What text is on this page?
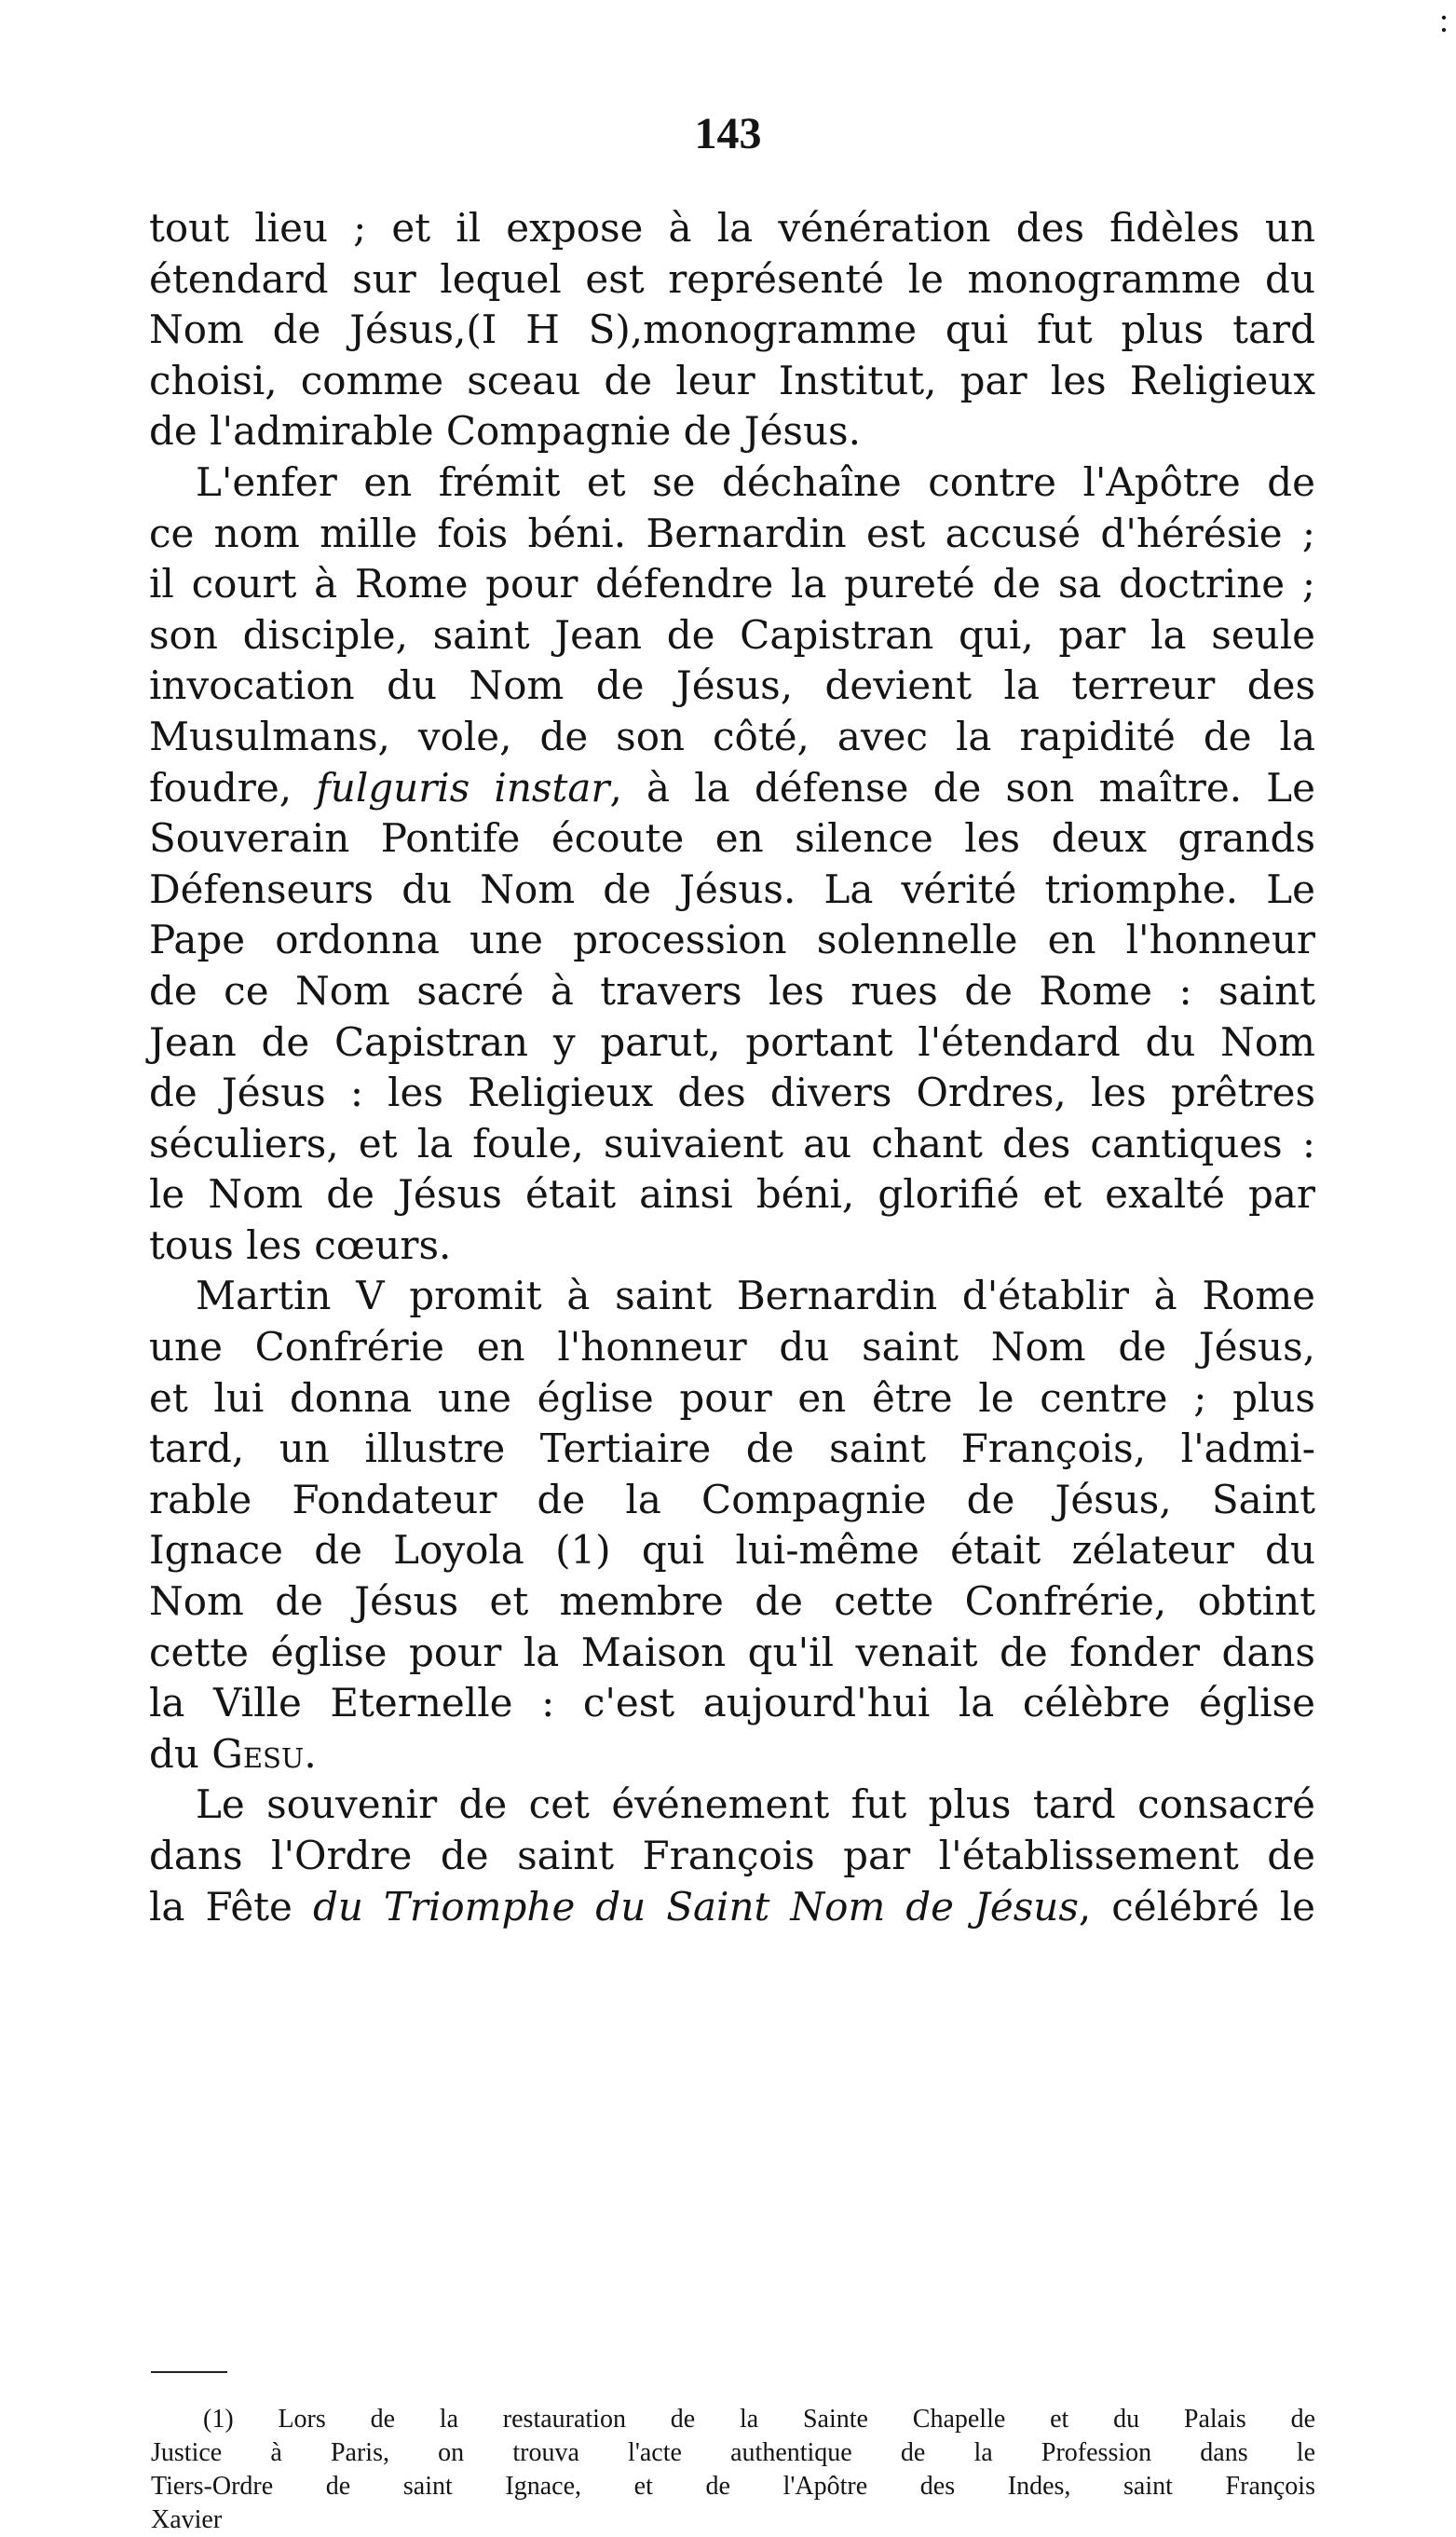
:
143
tout lieu ; et il expose à la vénération des fidèles un
étendard sur lequel est représenté le monogramme du
Nom de Jésus,(I H S),monogramme qui fut plus tard
choisi, comme sceau de leur Institut, par les Religieux
de l'admirable Compagnie de Jésus.
L'enfer en frémit et se déchaîne contre l'Apôtre de
ce nom mille fois béni. Bernardin est accusé d'hérésie ;
il court à Rome pour défendre la pureté de sa doctrine ;
son disciple, saint Jean de Capistran qui, par la seule
invocation du Nom de Jésus, devient la terreur des
Musulmans, vole, de son côté, avec la rapidité de la
foudre, fulguris instar, à la défense de son maître. Le
Souverain Pontife écoute en silence les deux grands
Défenseurs du Nom de Jésus. La vérité triomphe. Le
Pape ordonna une procession solennelle en l'honneur
de ce Nom sacré à travers les rues de Rome : saint
Jean de Capistran y parut, portant l'étendard du Nom
de Jésus : les Religieux des divers Ordres, les prêtres
séculiers, et la foule, suivaient au chant des cantiques :
le Nom de Jésus était ainsi béni, glorifié et exalté par
tous les cœurs.
Martin V promit à saint Bernardin d'établir à Rome
une Confrérie en l'honneur du saint Nom de Jésus,
et lui donna une église pour en être le centre ; plus
tard, un illustre Tertiaire de saint François, l'admi-
rable Fondateur de la Compagnie de Jésus, Saint
Ignace de Loyola (1) qui lui-même était zélateur du
Nom de Jésus et membre de cette Confrérie, obtint
cette église pour la Maison qu'il venait de fonder dans
la Ville Eternelle : c'est aujourd'hui la célèbre église
du Gesu.
Le souvenir de cet événement fut plus tard consacré
dans l'Ordre de saint François par l'établissement de
la Fête du Triomphe du Saint Nom de Jésus, célébré le
(1) Lors de la restauration de la Sainte Chapelle et du Palais de
Justice à Paris, on trouva l'acte authentique de la Profession dans le
Tiers-Ordre de saint Ignace, et de l'Apôtre des Indes, saint François
Xavier
